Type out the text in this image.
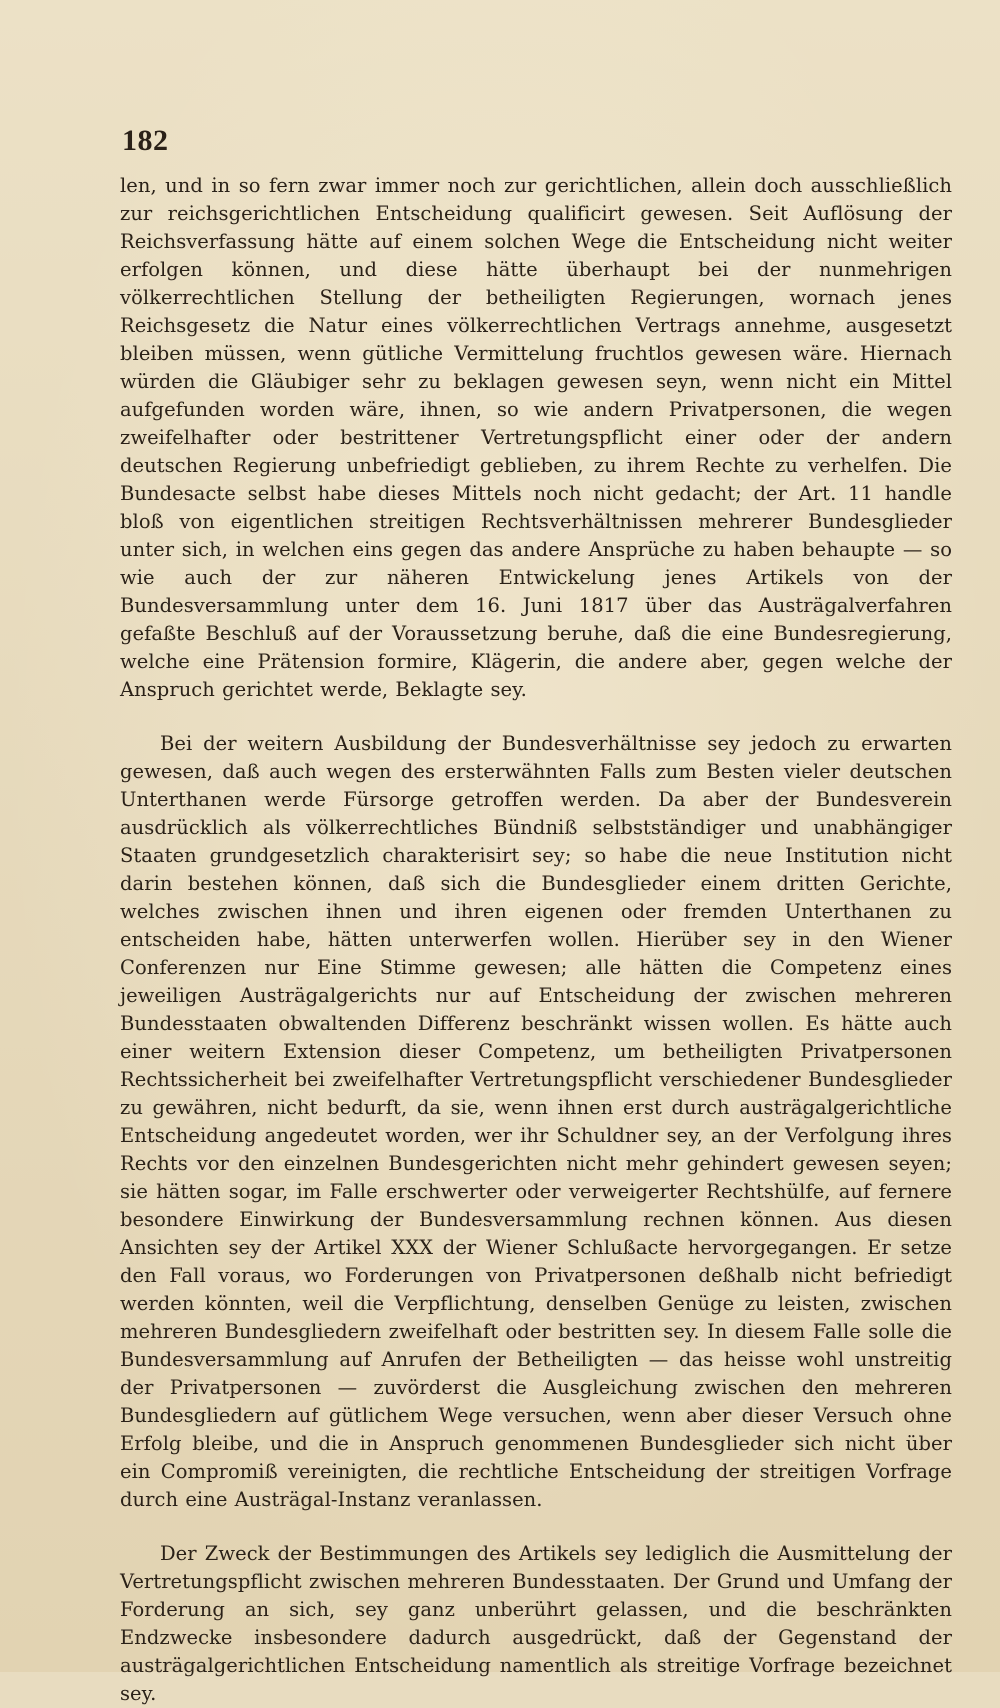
182

len, und in so fern zwar immer noch zur gerichtlichen, allein doch ausschließlich zur reichsgerichtlichen Entscheidung qualificirt gewesen. Seit Auflösung der Reichsverfassung hätte auf einem solchen Wege die Entscheidung nicht weiter erfolgen können, und diese hätte überhaupt bei der nunmehrigen völkerrechtlichen Stellung der betheiligten Regierungen, wornach jenes Reichsgesetz die Natur eines völkerrechtlichen Vertrags annehme, ausgesetzt bleiben müssen, wenn gütliche Vermittelung fruchtlos gewesen wäre. Hiernach würden die Gläubiger sehr zu beklagen gewesen seyn, wenn nicht ein Mittel aufgefunden worden wäre, ihnen, so wie andern Privatpersonen, die wegen zweifelhafter oder bestrittener Vertretungspflicht einer oder der andern deutschen Regierung unbefriedigt geblieben, zu ihrem Rechte zu verhelfen. Die Bundesacte selbst habe dieses Mittels noch nicht gedacht; der Art. 11 handle bloß von eigentlichen streitigen Rechtsverhältnissen mehrerer Bundesglieder unter sich, in welchen eins gegen das andere Ansprüche zu haben behaupte — so wie auch der zur näheren Entwickelung jenes Artikels von der Bundesversammlung unter dem 16. Juni 1817 über das Austrägalverfahren gefaßte Beschluß auf der Voraussetzung beruhe, daß die eine Bundesregierung, welche eine Prätension formire, Klägerin, die andere aber, gegen welche der Anspruch gerichtet werde, Beklagte sey.

Bei der weitern Ausbildung der Bundesverhältnisse sey jedoch zu erwarten gewesen, daß auch wegen des ersterwähnten Falls zum Besten vieler deutschen Unterthanen werde Fürsorge getroffen werden. Da aber der Bundesverein ausdrücklich als völkerrechtliches Bündniß selbstständiger und unabhängiger Staaten grundgesetzlich charakterisirt sey; so habe die neue Institution nicht darin bestehen können, daß sich die Bundesglieder einem dritten Gerichte, welches zwischen ihnen und ihren eigenen oder fremden Unterthanen zu entscheiden habe, hätten unterwerfen wollen. Hierüber sey in den Wiener Conferenzen nur Eine Stimme gewesen; alle hätten die Competenz eines jeweiligen Austrägalgerichts nur auf Entscheidung der zwischen mehreren Bundesstaaten obwaltenden Differenz beschränkt wissen wollen. Es hätte auch einer weitern Extension dieser Competenz, um betheiligten Privatpersonen Rechtssicherheit bei zweifelhafter Vertretungspflicht verschiedener Bundesglieder zu gewähren, nicht bedurft, da sie, wenn ihnen erst durch austrägalgerichtliche Entscheidung angedeutet worden, wer ihr Schuldner sey, an der Verfolgung ihres Rechts vor den einzelnen Bundesgerichten nicht mehr gehindert gewesen seyen; sie hätten sogar, im Falle erschwerter oder verweigerter Rechtshülfe, auf fernere besondere Einwirkung der Bundesversammlung rechnen können. Aus diesen Ansichten sey der Artikel XXX der Wiener Schlußacte hervorgegangen. Er setze den Fall voraus, wo Forderungen von Privatpersonen deßhalb nicht befriedigt werden könnten, weil die Verpflichtung, denselben Genüge zu leisten, zwischen mehreren Bundesgliedern zweifelhaft oder bestritten sey. In diesem Falle solle die Bundesversammlung auf Anrufen der Betheiligten — das heisse wohl unstreitig der Privatpersonen — zuvörderst die Ausgleichung zwischen den mehreren Bundesgliedern auf gütlichem Wege versuchen, wenn aber dieser Versuch ohne Erfolg bleibe, und die in Anspruch genommenen Bundesglieder sich nicht über ein Compromiß vereinigten, die rechtliche Entscheidung der streitigen Vorfrage durch eine Austrägal-Instanz veranlassen.

Der Zweck der Bestimmungen des Artikels sey lediglich die Ausmittelung der Vertretungspflicht zwischen mehreren Bundesstaaten. Der Grund und Umfang der Forderung an sich, sey ganz unberührt gelassen, und die beschränkten Endzwecke insbesondere dadurch ausgedrückt, daß der Gegenstand der austrägalgerichtlichen Entscheidung namentlich als streitige Vorfrage bezeichnet sey.
